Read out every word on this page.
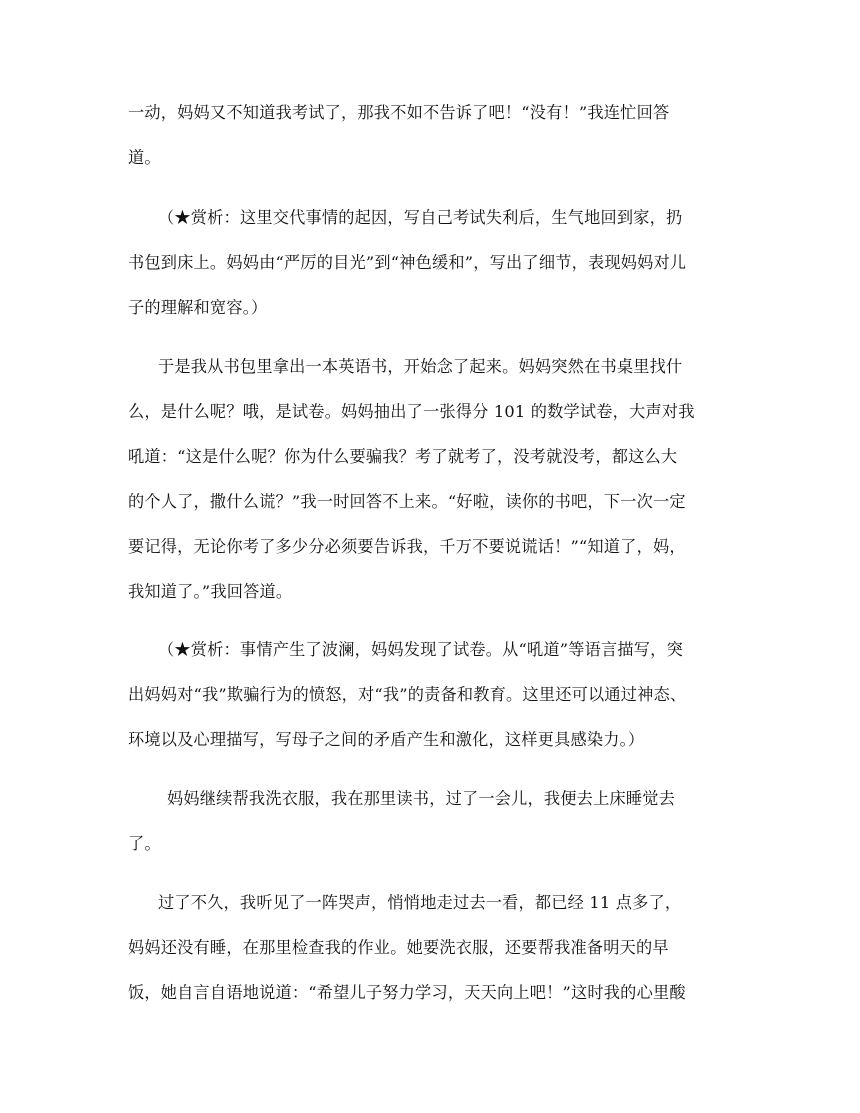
一动，妈妈又不知道我考试了，那我不如不告诉了吧！“没有！”我连忙回答
道。
（★赏析：这里交代事情的起因，写自己考试失利后，生气地回到家，扔
书包到床上。妈妈由“严厉的目光”到“神色缓和”，写出了细节，表现妈妈对儿
子的理解和宽容。）
于是我从书包里拿出一本英语书，开始念了起来。妈妈突然在书桌里找什
么，是什么呢？哦，是试卷。妈妈抽出了一张得分 101 的数学试卷，大声对我
吼道：“这是什么呢？你为什么要骗我？考了就考了，没考就没考，都这么大
的个人了，撒什么谎？”我一时回答不上来。“好啦，读你的书吧，下一次一定
要记得，无论你考了多少分必须要告诉我，千万不要说谎话！”“知道了，妈，
我知道了。”我回答道。
（★赏析：事情产生了波澜，妈妈发现了试卷。从“吼道”等语言描写，突
出妈妈对“我”欺骗行为的愤怒，对“我”的责备和教育。这里还可以通过神态、
环境以及心理描写，写母子之间的矛盾产生和激化，这样更具感染力。）
妈妈继续帮我洗衣服，我在那里读书，过了一会儿，我便去上床睡觉去
了。
过了不久，我听见了一阵哭声，悄悄地走过去一看，都已经 11 点多了，
妈妈还没有睡，在那里检查我的作业。她要洗衣服，还要帮我准备明天的早
饭，她自言自语地说道：“希望儿子努力学习，天天向上吧！”这时我的心里酸
